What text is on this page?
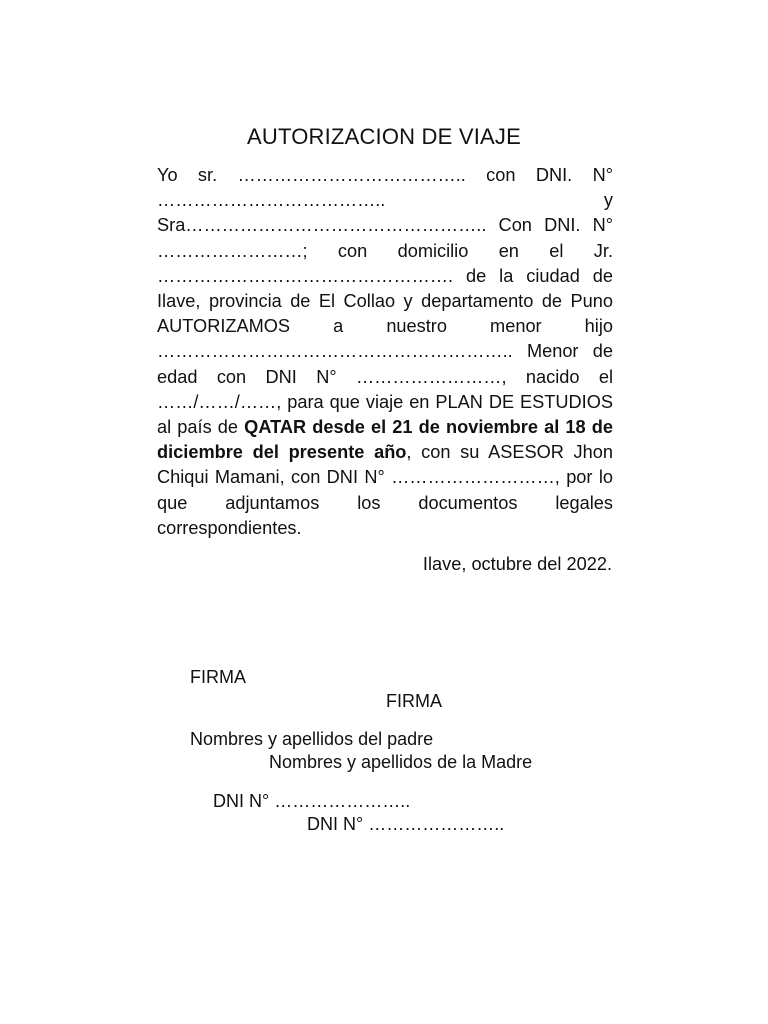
AUTORIZACION DE VIAJE

Yo sr. ……………………………….. con DNI. N° ……………………………….. y Sra………………………………………….. Con DNI. N° ……………………; con domicilio en el Jr. …………………………………………. de la ciudad de Ilave, provincia de El Collao y departamento de Puno AUTORIZAMOS a nuestro menor hijo ………………………………………………….. Menor de edad con DNI N° ……………………, nacido el ……/……/……, para que viaje en PLAN DE ESTUDIOS al país de QATAR desde el 21 de noviembre al 18 de diciembre del presente año, con su ASESOR Jhon Chiqui Mamani, con DNI N° ………………………, por lo que adjuntamos los documentos legales correspondientes.

Ilave, octubre del 2022.

FIRMA

FIRMA

Nombres y apellidos del padre

Nombres y apellidos de la Madre

DNI N° …………………..

DNI N° …………………..
